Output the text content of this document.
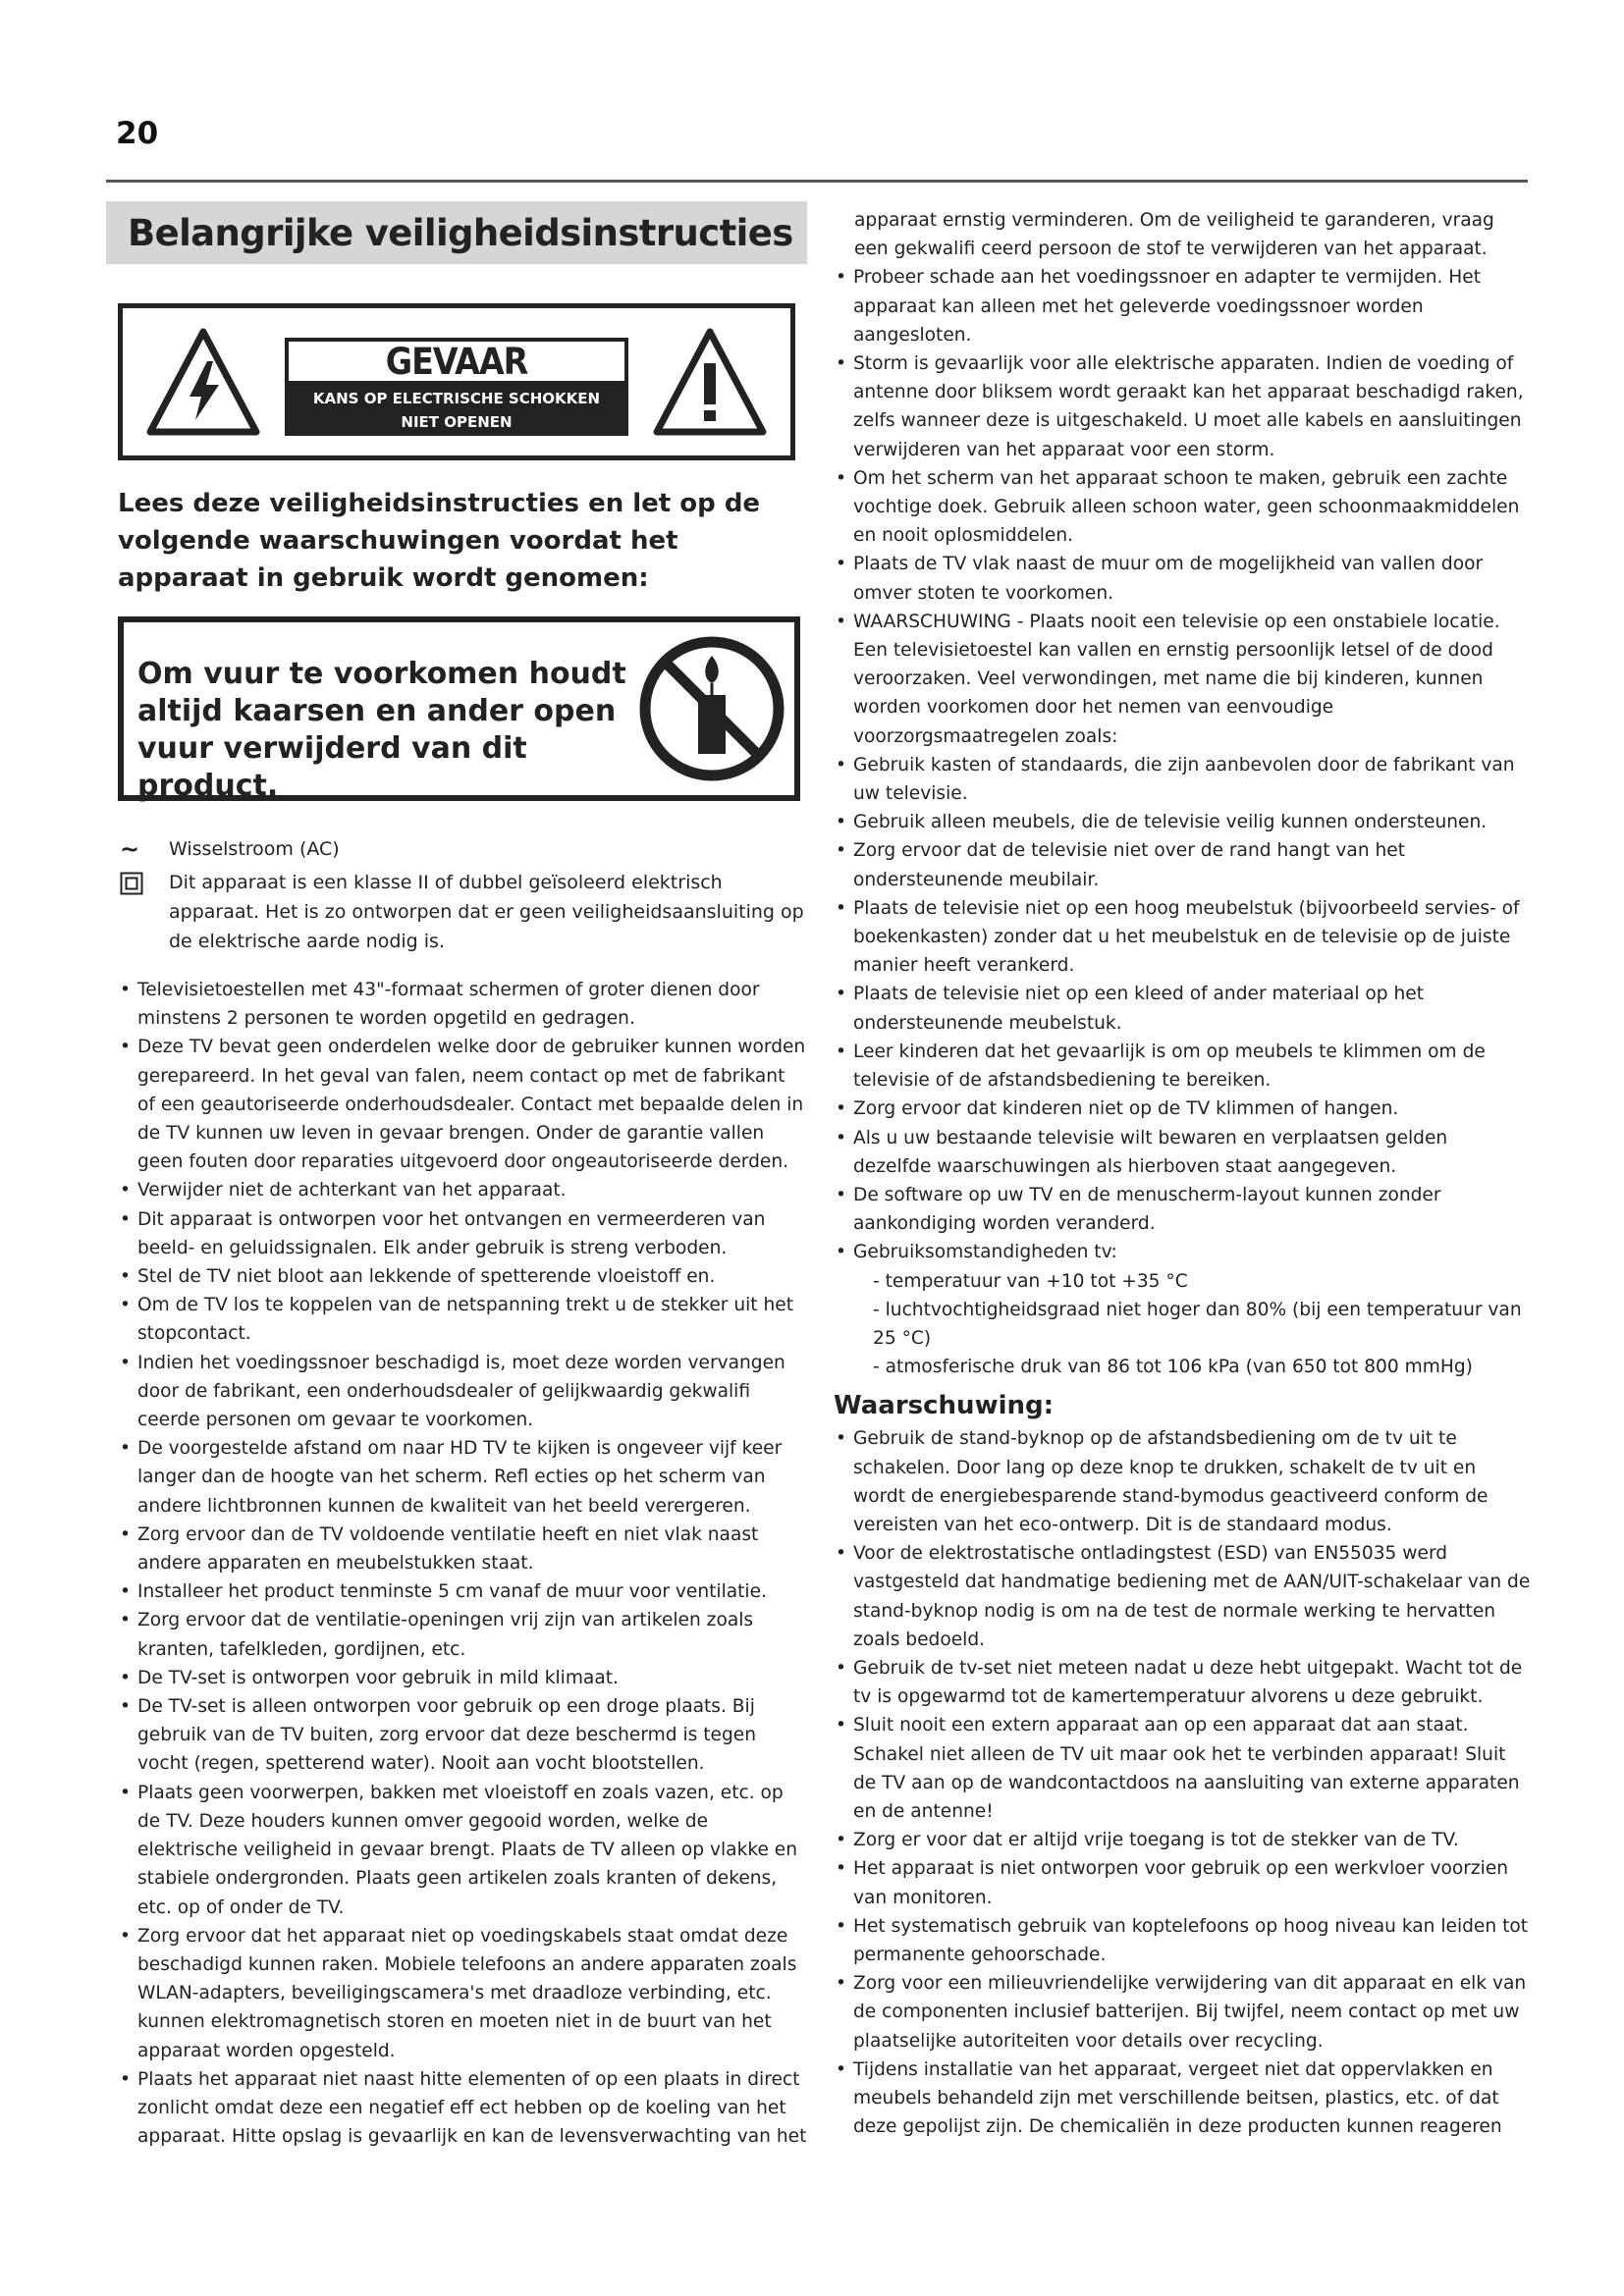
20
Belangrijke veiligheidsinstructies
GEVAAR
KANS OP ELECTRISCHE SCHOKKEN
NIET OPENEN
Lees deze veiligheidsinstructies en let op de volgende waarschuwingen voordat het apparaat in gebruik wordt genomen:
Om vuur te voorkomen houdt altijd kaarsen en ander open vuur verwijderd van dit product.
~ Wisselstroom (AC)
Dit apparaat is een klasse II of dubbel geïsoleerd elektrisch apparaat. Het is zo ontworpen dat er geen veiligheidsaansluiting op de elektrische aarde nodig is.
• Televisietoestellen met 43"-formaat schermen of groter dienen door minstens 2 personen te worden opgetild en gedragen.
• Deze TV bevat geen onderdelen welke door de gebruiker kunnen worden gerepareerd. In het geval van falen, neem contact op met de fabrikant of een geautoriseerde onderhoudsdealer. Contact met bepaalde delen in de TV kunnen uw leven in gevaar brengen. Onder de garantie vallen geen fouten door reparaties uitgevoerd door ongeautoriseerde derden.
• Verwijder niet de achterkant van het apparaat.
• Dit apparaat is ontworpen voor het ontvangen en vermeerderen van beeld- en geluidssignalen. Elk ander gebruik is streng verboden.
• Stel de TV niet bloot aan lekkende of spetterende vloeistoff en.
• Om de TV los te koppelen van de netspanning trekt u de stekker uit het stopcontact.
• Indien het voedingssnoer beschadigd is, moet deze worden vervangen door de fabrikant, een onderhoudsdealer of gelijkwaardig gekwalifi ceerde personen om gevaar te voorkomen.
• De voorgestelde afstand om naar HD TV te kijken is ongeveer vijf keer langer dan de hoogte van het scherm. Refl ecties op het scherm van andere lichtbronnen kunnen de kwaliteit van het beeld verergeren.
• Zorg ervoor dan de TV voldoende ventilatie heeft en niet vlak naast andere apparaten en meubelstukken staat.
• Installeer het product tenminste 5 cm vanaf de muur voor ventilatie.
• Zorg ervoor dat de ventilatie-openingen vrij zijn van artikelen zoals kranten, tafelkleden, gordijnen, etc.
• De TV-set is ontworpen voor gebruik in mild klimaat.
• De TV-set is alleen ontworpen voor gebruik op een droge plaats. Bij gebruik van de TV buiten, zorg ervoor dat deze beschermd is tegen vocht (regen, spetterend water). Nooit aan vocht blootstellen.
• Plaats geen voorwerpen, bakken met vloeistoff en zoals vazen, etc. op de TV. Deze houders kunnen omver gegooid worden, welke de elektrische veiligheid in gevaar brengt. Plaats de TV alleen op vlakke en stabiele ondergronden. Plaats geen artikelen zoals kranten of dekens, etc. op of onder de TV.
• Zorg ervoor dat het apparaat niet op voedingskabels staat omdat deze beschadigd kunnen raken. Mobiele telefoons an andere apparaten zoals WLAN-adapters, beveiligingscamera's met draadloze verbinding, etc. kunnen elektromagnetisch storen en moeten niet in de buurt van het apparaat worden opgesteld.
• Plaats het apparaat niet naast hitte elementen of op een plaats in direct zonlicht omdat deze een negatief eff ect hebben op de koeling van het apparaat. Hitte opslag is gevaarlijk en kan de levensverwachting van het
apparaat ernstig verminderen. Om de veiligheid te garanderen, vraag een gekwalifi ceerd persoon de stof te verwijderen van het apparaat.
• Probeer schade aan het voedingssnoer en adapter te vermijden. Het apparaat kan alleen met het geleverde voedingssnoer worden aangesloten.
• Storm is gevaarlijk voor alle elektrische apparaten. Indien de voeding of antenne door bliksem wordt geraakt kan het apparaat beschadigd raken, zelfs wanneer deze is uitgeschakeld. U moet alle kabels en aansluitingen verwijderen van het apparaat voor een storm.
• Om het scherm van het apparaat schoon te maken, gebruik een zachte vochtige doek. Gebruik alleen schoon water, geen schoonmaakmiddelen en nooit oplosmiddelen.
• Plaats de TV vlak naast de muur om de mogelijkheid van vallen door omver stoten te voorkomen.
• WAARSCHUWING - Plaats nooit een televisie op een onstabiele locatie. Een televisietoestel kan vallen en ernstig persoonlijk letsel of de dood veroorzaken. Veel verwondingen, met name die bij kinderen, kunnen worden voorkomen door het nemen van eenvoudige voorzorgsmaatregelen zoals:
• Gebruik kasten of standaards, die zijn aanbevolen door de fabrikant van uw televisie.
• Gebruik alleen meubels, die de televisie veilig kunnen ondersteunen.
• Zorg ervoor dat de televisie niet over de rand hangt van het ondersteunende meubilair.
• Plaats de televisie niet op een hoog meubelstuk (bijvoorbeeld servies- of boekenkasten) zonder dat u het meubelstuk en de televisie op de juiste manier heeft verankerd.
• Plaats de televisie niet op een kleed of ander materiaal op het ondersteunende meubelstuk.
• Leer kinderen dat het gevaarlijk is om op meubels te klimmen om de televisie of de afstandsbediening te bereiken.
• Zorg ervoor dat kinderen niet op de TV klimmen of hangen.
• Als u uw bestaande televisie wilt bewaren en verplaatsen gelden dezelfde waarschuwingen als hierboven staat aangegeven.
• De software op uw TV en de menuscherm-layout kunnen zonder aankondiging worden veranderd.
• Gebruiksomstandigheden tv:
- temperatuur van +10 tot +35 °C
- luchtvochtigheidsgraad niet hoger dan 80% (bij een temperatuur van 25 °C)
- atmosferische druk van 86 tot 106 kPa (van 650 tot 800 mmHg)
Waarschuwing:
• Gebruik de stand-byknop op de afstandsbediening om de tv uit te schakelen. Door lang op deze knop te drukken, schakelt de tv uit en wordt de energiebesparende stand-bymodus geactiveerd conform de vereisten van het eco-ontwerp. Dit is de standaard modus.
• Voor de elektrostatische ontladingstest (ESD) van EN55035 werd vastgesteld dat handmatige bediening met de AAN/UIT-schakelaar van de stand-byknop nodig is om na de test de normale werking te hervatten zoals bedoeld.
• Gebruik de tv-set niet meteen nadat u deze hebt uitgepakt. Wacht tot de tv is opgewarmd tot de kamertemperatuur alvorens u deze gebruikt.
• Sluit nooit een extern apparaat aan op een apparaat dat aan staat. Schakel niet alleen de TV uit maar ook het te verbinden apparaat! Sluit de TV aan op de wandcontactdoos na aansluiting van externe apparaten en de antenne!
• Zorg er voor dat er altijd vrije toegang is tot de stekker van de TV.
• Het apparaat is niet ontworpen voor gebruik op een werkvloer voorzien van monitoren.
• Het systematisch gebruik van koptelefoons op hoog niveau kan leiden tot permanente gehoorschade.
• Zorg voor een milieuvriendelijke verwijdering van dit apparaat en elk van de componenten inclusief batterijen. Bij twijfel, neem contact op met uw plaatselijke autoriteiten voor details over recycling.
• Tijdens installatie van het apparaat, vergeet niet dat oppervlakken en meubels behandeld zijn met verschillende beitsen, plastics, etc. of dat deze gepolijst zijn. De chemicaliën in deze producten kunnen reageren
